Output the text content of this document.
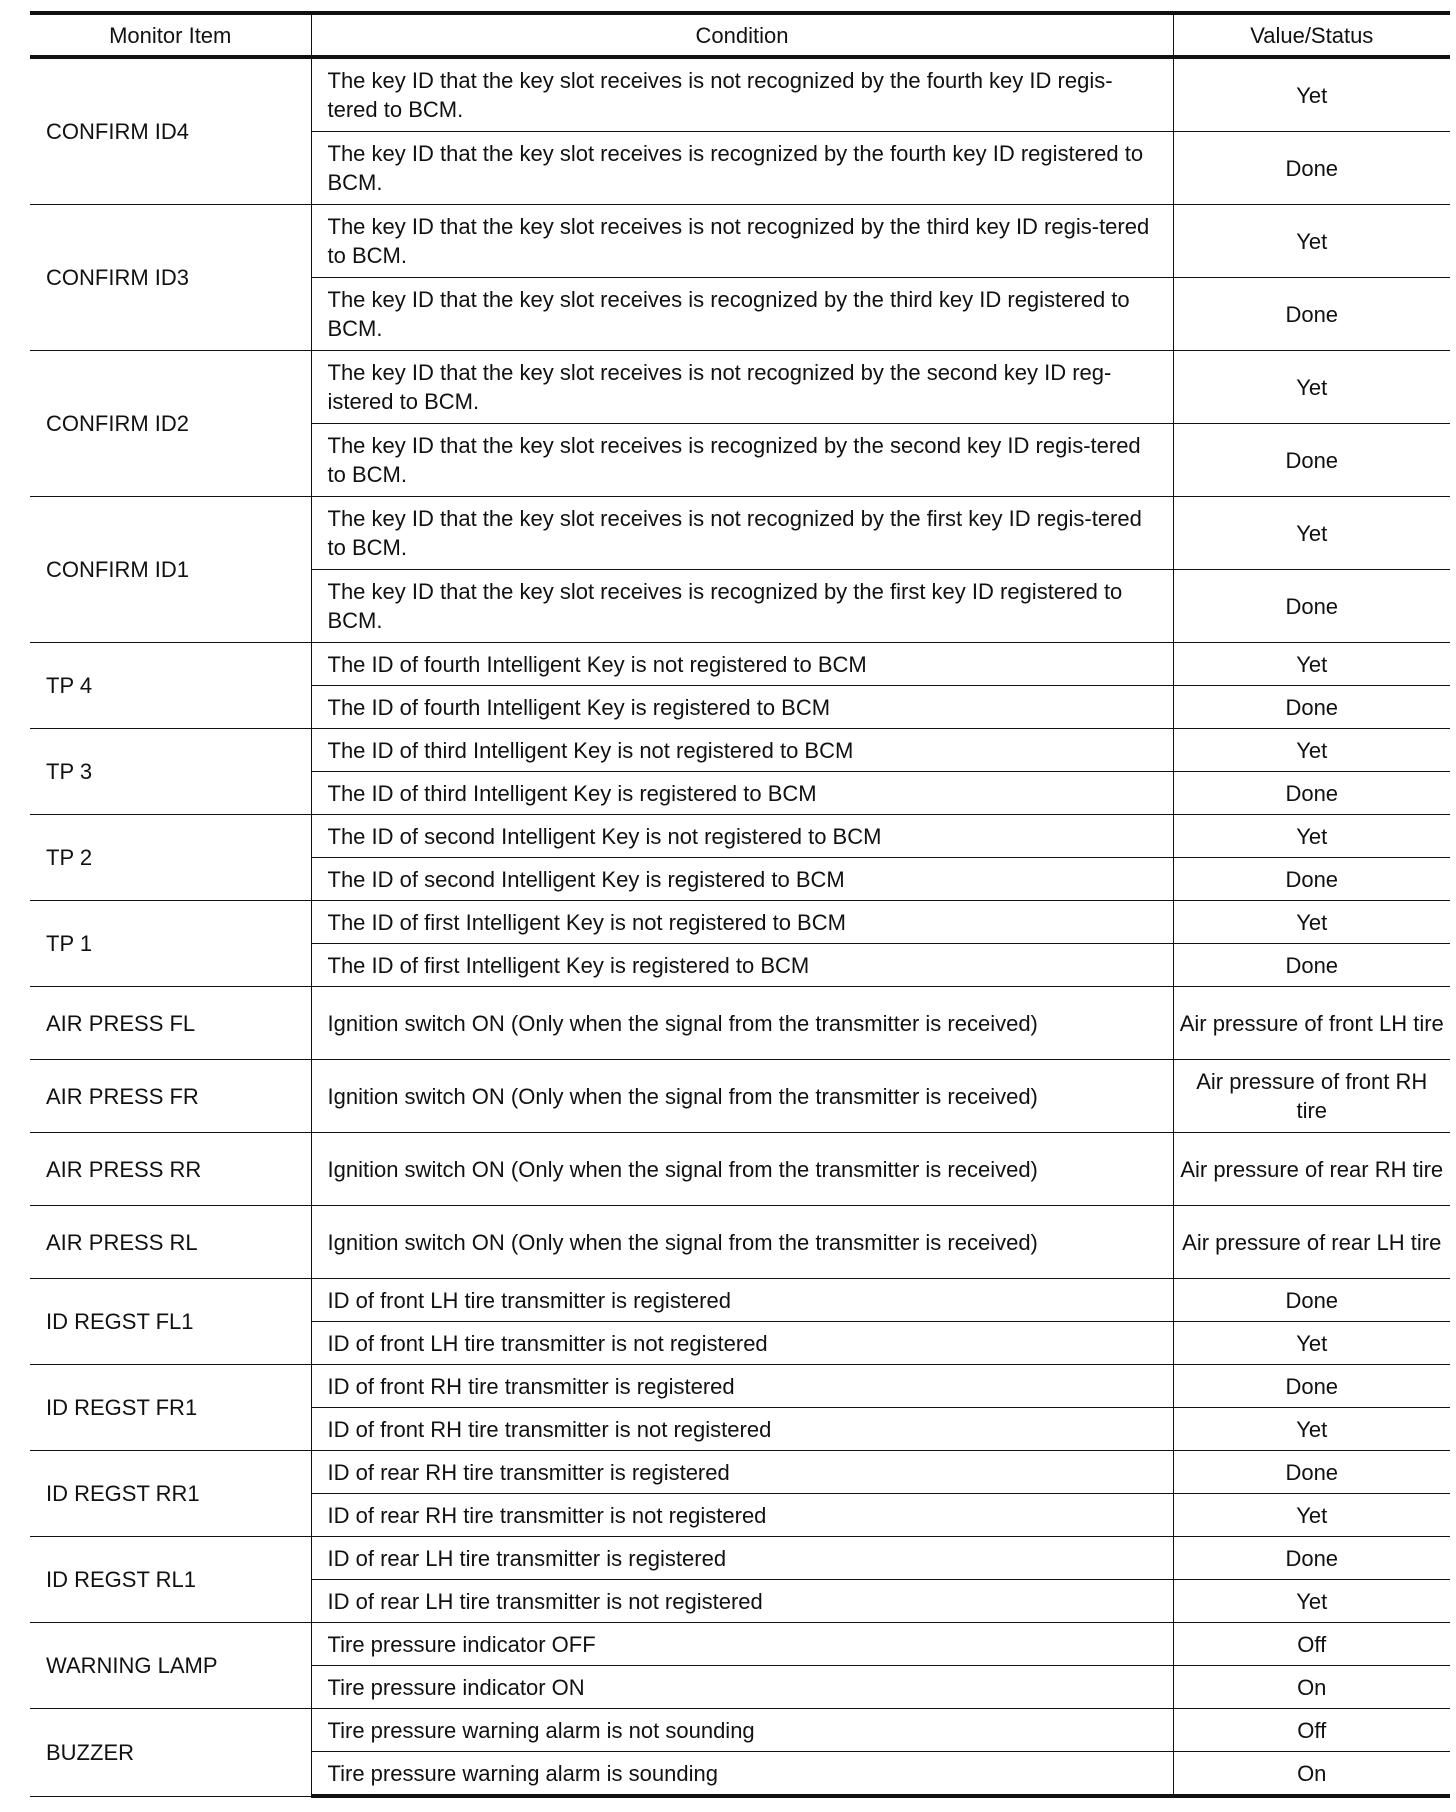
Monitor Item	Condition	Value/Status
CONFIRM ID4	The key ID that the key slot receives is not recognized by the fourth key ID regis-tered to BCM.	Yet
	The key ID that the key slot receives is recognized by the fourth key ID registered to BCM.	Done
CONFIRM ID3	The key ID that the key slot receives is not recognized by the third key ID regis-tered to BCM.	Yet
	The key ID that the key slot receives is recognized by the third key ID registered to BCM.	Done
CONFIRM ID2	The key ID that the key slot receives is not recognized by the second key ID reg-istered to BCM.	Yet
	The key ID that the key slot receives is recognized by the second key ID regis-tered to BCM.	Done
CONFIRM ID1	The key ID that the key slot receives is not recognized by the first key ID regis-tered to BCM.	Yet
	The key ID that the key slot receives is recognized by the first key ID registered to BCM.	Done
TP 4	The ID of fourth Intelligent Key is not registered to BCM	Yet
	The ID of fourth Intelligent Key is registered to BCM	Done
TP 3	The ID of third Intelligent Key is not registered to BCM	Yet
	The ID of third Intelligent Key is registered to BCM	Done
TP 2	The ID of second Intelligent Key is not registered to BCM	Yet
	The ID of second Intelligent Key is registered to BCM	Done
TP 1	The ID of first Intelligent Key is not registered to BCM	Yet
	The ID of first Intelligent Key is registered to BCM	Done
AIR PRESS FL	Ignition switch ON (Only when the signal from the transmitter is received)	Air pressure of front LH tire
AIR PRESS FR	Ignition switch ON (Only when the signal from the transmitter is received)	Air pressure of front RH tire
AIR PRESS RR	Ignition switch ON (Only when the signal from the transmitter is received)	Air pressure of rear RH tire
AIR PRESS RL	Ignition switch ON (Only when the signal from the transmitter is received)	Air pressure of rear LH tire
ID REGST FL1	ID of front LH tire transmitter is registered	Done
	ID of front LH tire transmitter is not registered	Yet
ID REGST FR1	ID of front RH tire transmitter is registered	Done
	ID of front RH tire transmitter is not registered	Yet
ID REGST RR1	ID of rear RH tire transmitter is registered	Done
	ID of rear RH tire transmitter is not registered	Yet
ID REGST RL1	ID of rear LH tire transmitter is registered	Done
	ID of rear LH tire transmitter is not registered	Yet
WARNING LAMP	Tire pressure indicator OFF	Off
	Tire pressure indicator ON	On
BUZZER	Tire pressure warning alarm is not sounding	Off
	Tire pressure warning alarm is sounding	On
